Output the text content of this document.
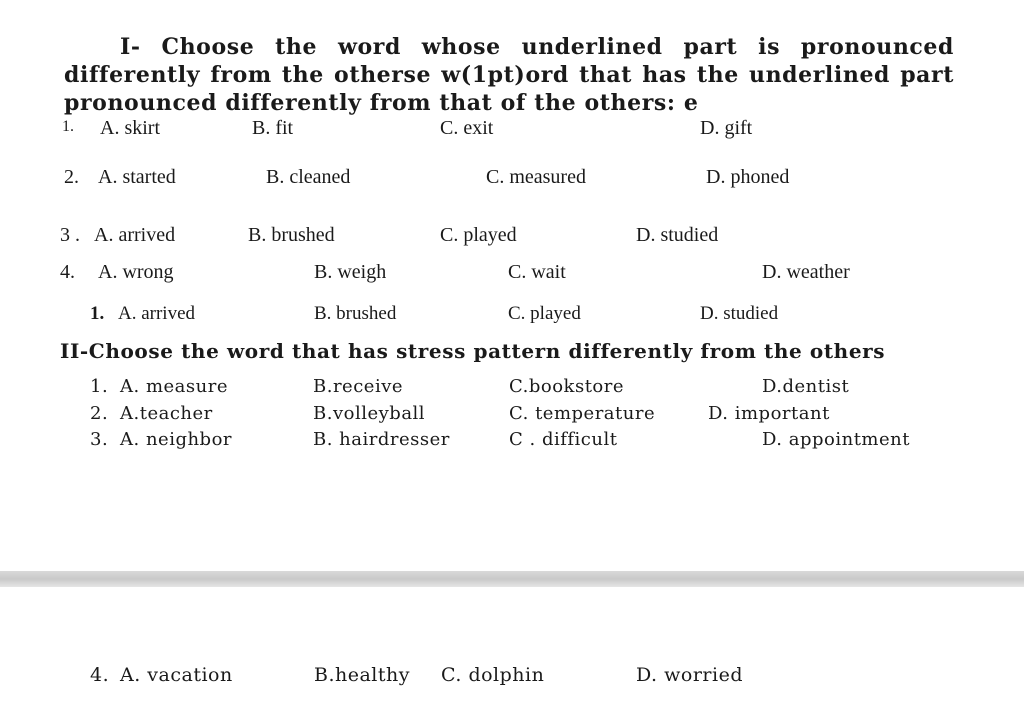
I- Choose the word whose underlined part is pronounced differently from the otherse w(1pt)ord that has the underlined part pronounced differently from that of the others: e
1. A. skirt	B. fit	C. exit	D. gift
2. A. started	B. cleaned	C. measured	D. phoned
3 . A. arrived	B. brushed	C. played	D. studied
4. A. wrong	B. weigh	C. wait	D. weather
1. A. arrived	B. brushed	C. played	D. studied
II-Choose the word that has stress pattern differently from the others
1. A. measure	B.receive	C.bookstore	D.dentist
2. A.teacher	B.volleyball	C. temperature	D. important
3. A. neighbor	B. hairdresser	C . difficult	D. appointment
4. A. vacation	B.healthy C. dolphin	D. worried
